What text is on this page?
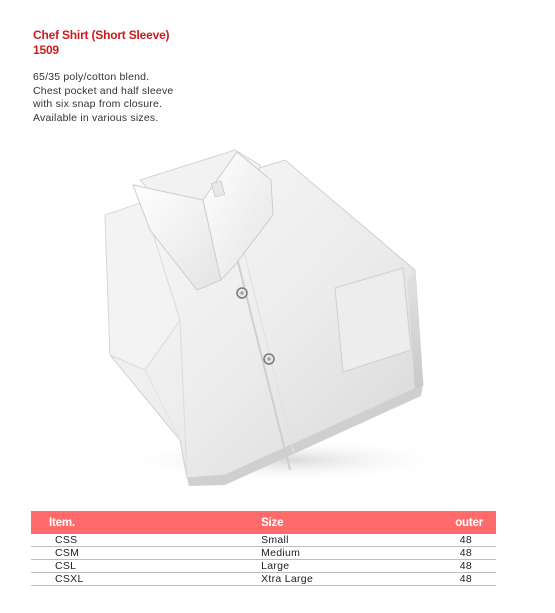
Chef Shirt (Short Sleeve)
1509
65/35 poly/cotton blend.
Chest pocket and half sleeve
with six snap from closure.
Available in various sizes.
Item.	Size	outer
CSS	Small	48
CSM	Medium	48
CSL	Large	48
CSXL	Xtra Large	48
